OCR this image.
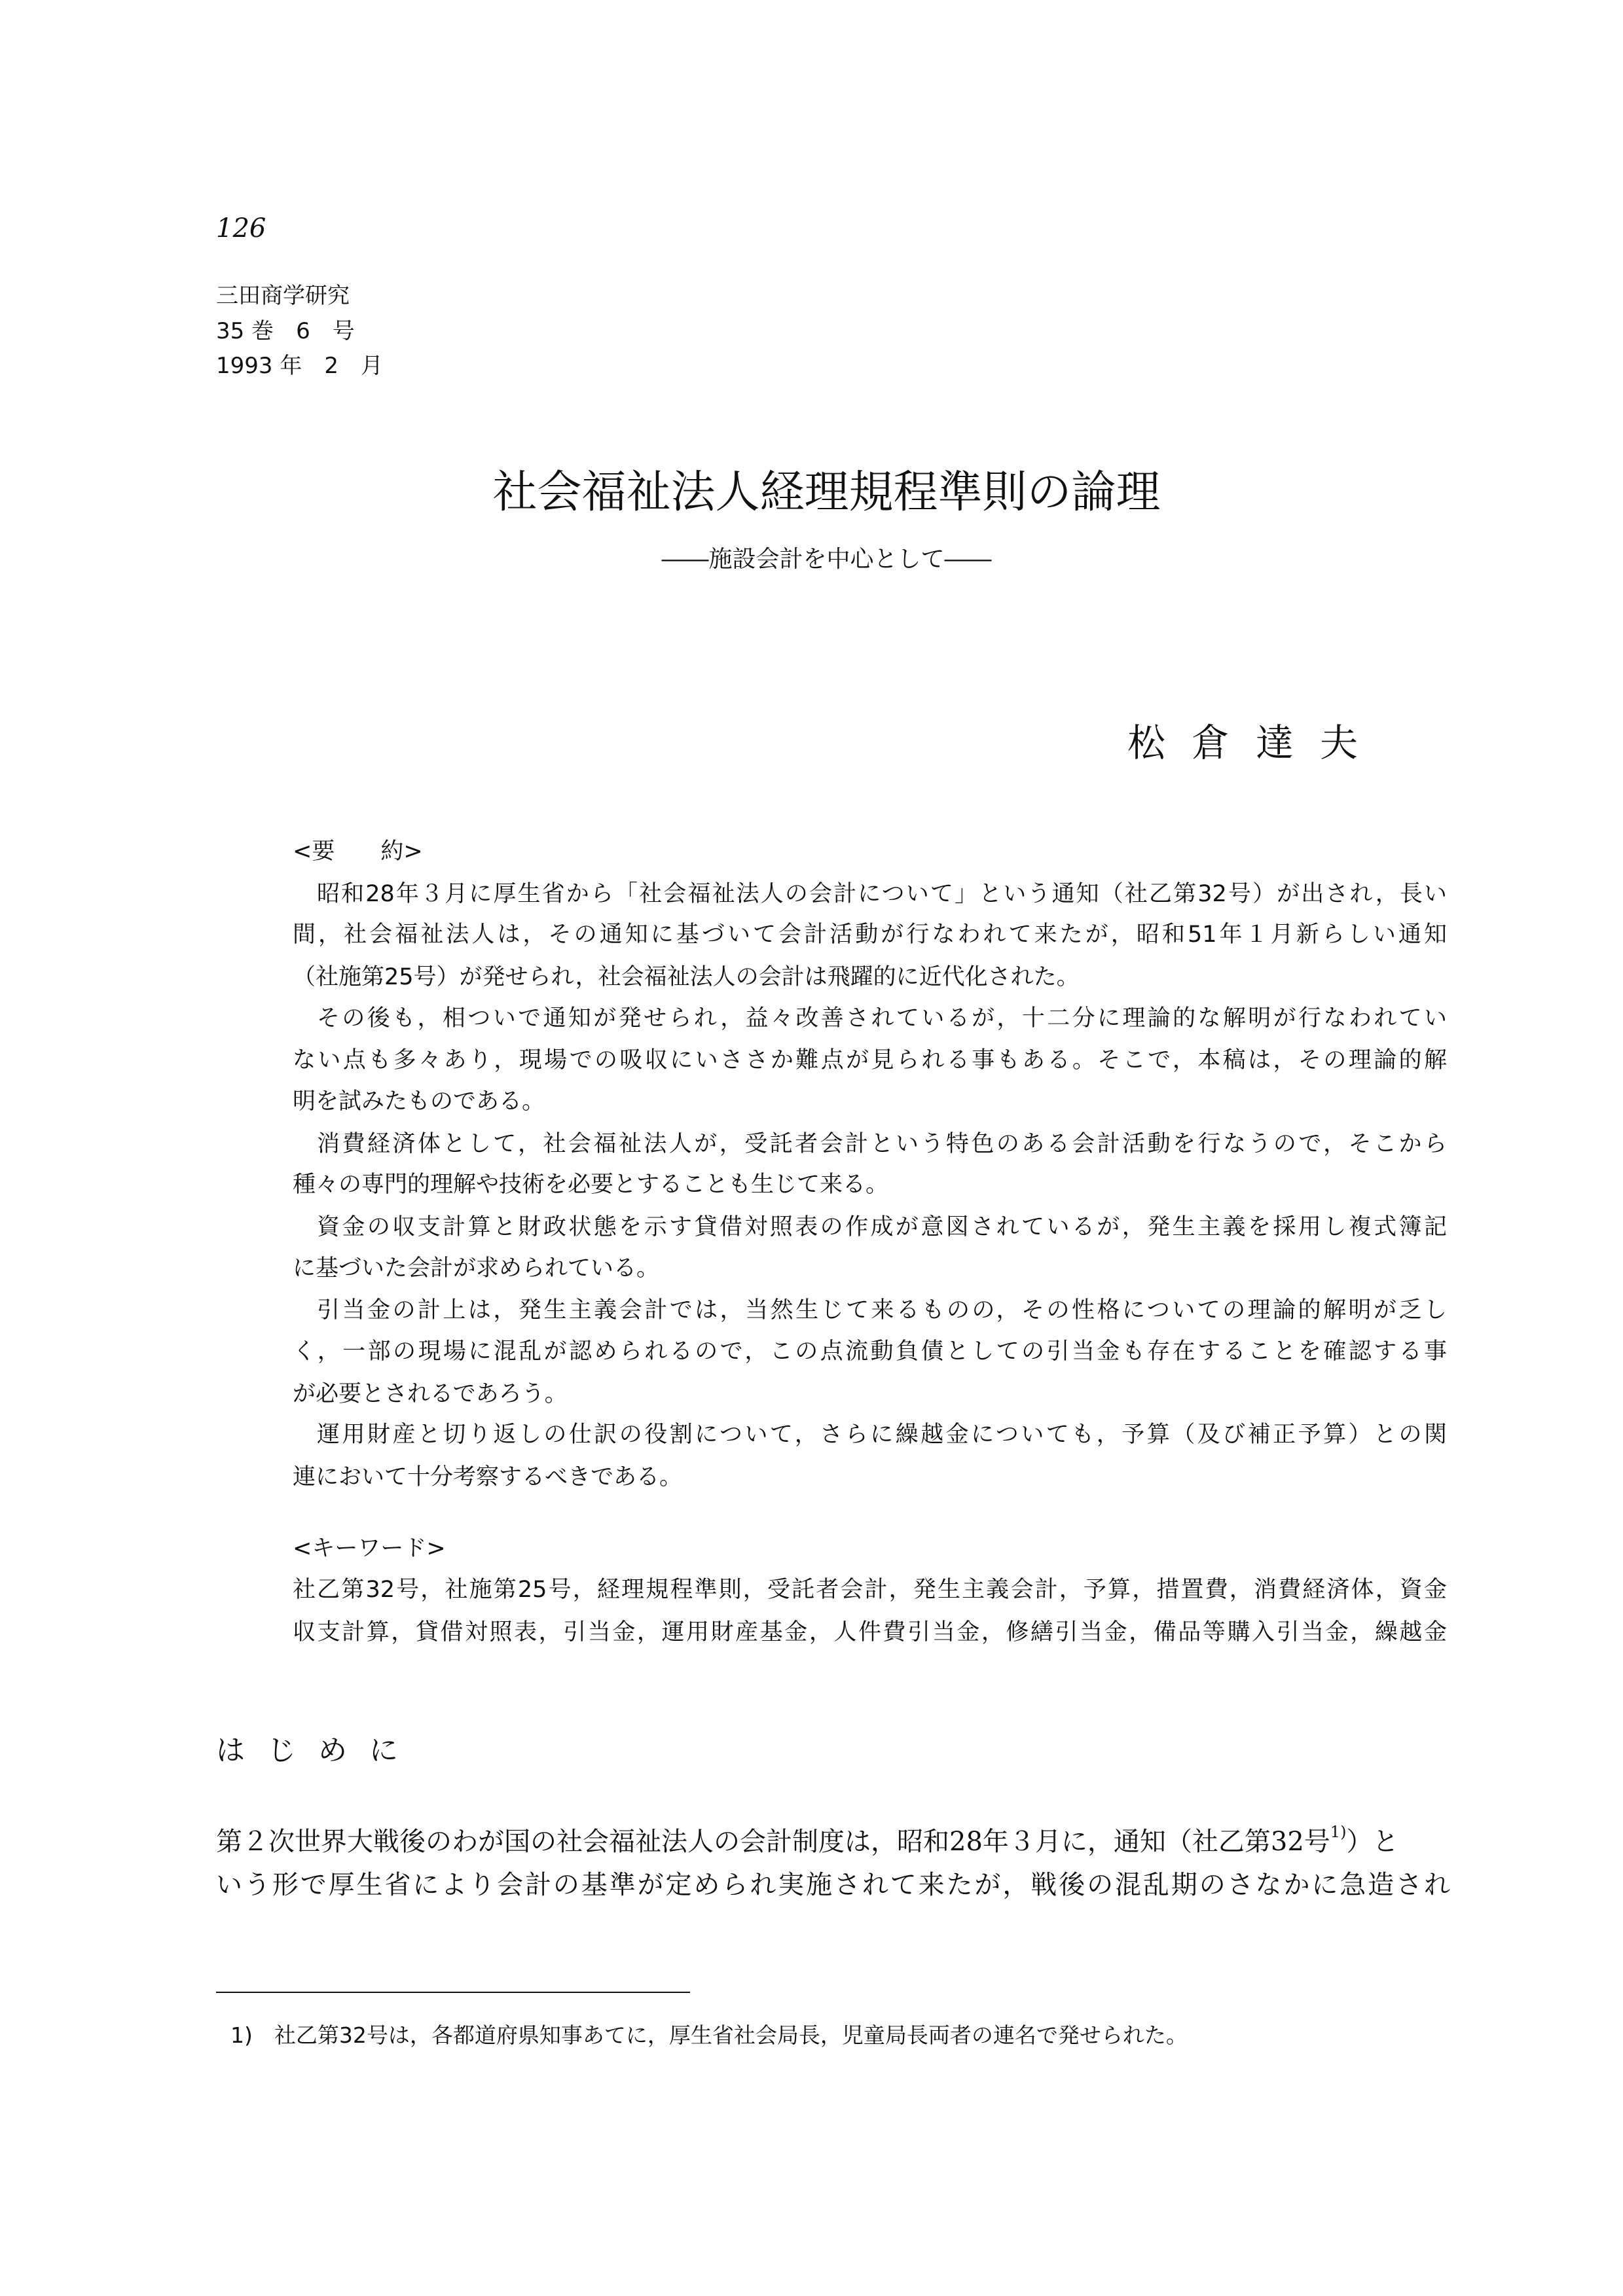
126
三田商学研究
35 巻　6　号
1993 年　2　月
社会福祉法人経理規程準則の論理
――施設会計を中心として――
松倉達夫
<要　　約>
昭和28年３月に厚生省から「社会福祉法人の会計について」という通知（社乙第32号）が出され，長い
間，社会福祉法人は，その通知に基づいて会計活動が行なわれて来たが，昭和51年１月新らしい通知
（社施第25号）が発せられ，社会福祉法人の会計は飛躍的に近代化された。
その後も，相ついで通知が発せられ，益々改善されているが，十二分に理論的な解明が行なわれてい
ない点も多々あり，現場での吸収にいささか難点が見られる事もある。そこで，本稿は，その理論的解
明を試みたものである。
消費経済体として，社会福祉法人が，受託者会計という特色のある会計活動を行なうので，そこから
種々の専門的理解や技術を必要とすることも生じて来る。
資金の収支計算と財政状態を示す貸借対照表の作成が意図されているが，発生主義を採用し複式簿記
に基づいた会計が求められている。
引当金の計上は，発生主義会計では，当然生じて来るものの，その性格についての理論的解明が乏し
く，一部の現場に混乱が認められるので，この点流動負債としての引当金も存在することを確認する事
が必要とされるであろう。
運用財産と切り返しの仕訳の役割について，さらに繰越金についても，予算（及び補正予算）との関
連において十分考察するべきである。
<キーワード>
社乙第32号，社施第25号，経理規程準則，受託者会計，発生主義会計，予算，措置費，消費経済体，資金
収支計算，貸借対照表，引当金，運用財産基金，人件費引当金，修繕引当金，備品等購入引当金，繰越金
はじめに
第２次世界大戦後のわが国の社会福祉法人の会計制度は，昭和28年３月に，通知（社乙第32号$^{1)}$）と
いう形で厚生省により会計の基準が定められ実施されて来たが，戦後の混乱期のさなかに急造され
1)　社乙第32号は，各都道府県知事あてに，厚生省社会局長，児童局長両者の連名で発せられた。
